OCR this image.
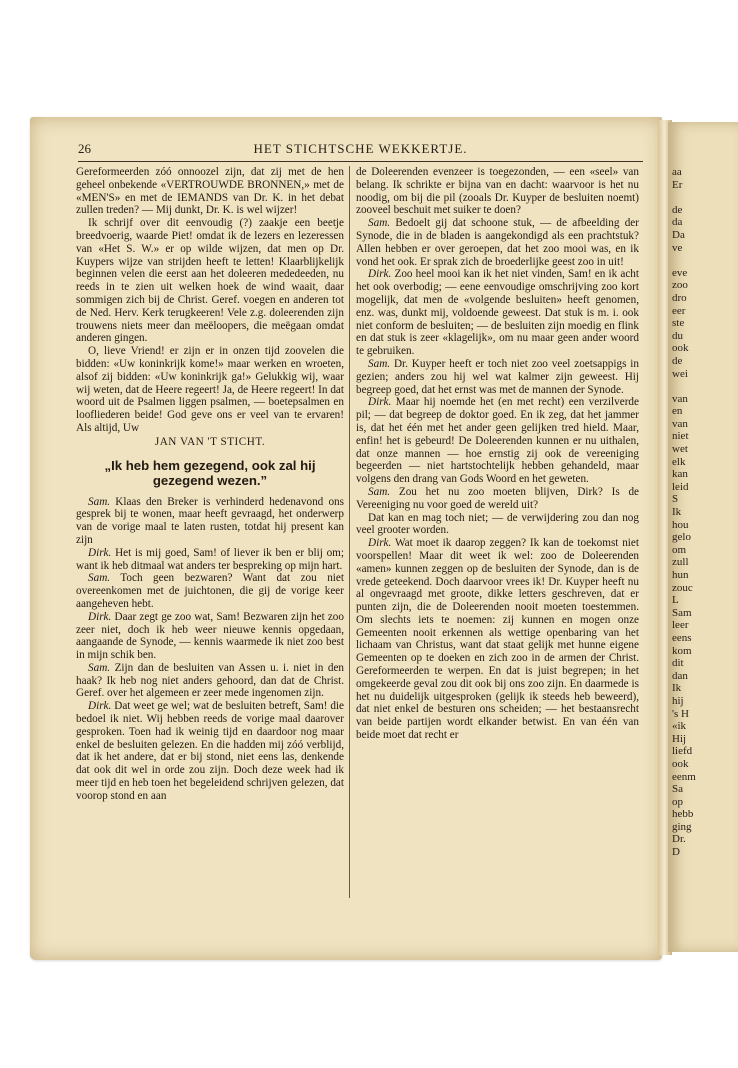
aa
Er

de
da
Da
ve

eve
zoo
dro
eer
ste
du
ook
de
wei

van
en
van
niet
wet
elk
kan
leid
S
Ik
hou
gelo
om
zull
hun
zouc
L
Sam
leer
eens
kom
dit
dan
Ik
hij
's H
«ik
Hij
liefd
ook
eenm
Sa
op
hebb
ging
Dr.
D
26	HET STICHTSCHE WEKKERTJE.

Gereformeerden zóó onnoozel zijn, dat zij met de hen geheel onbekende «VERTROUWDE BRONNEN,» met de «MEN'S» en met de IEMANDS van Dr. K. in het debat zullen treden? — Mij dunkt, Dr. K. is wel wijzer!

Ik schrijf over dit eenvoudig (?) zaakje een beetje breedvoerig, waarde Piet! omdat ik de lezers en lezeressen van «Het S. W.» er op wilde wijzen, dat men op Dr. Kuypers wijze van strijden heeft te letten! Klaarblijkelijk beginnen velen die eerst aan het doleeren mededeeden, nu reeds in te zien uit welken hoek de wind waait, daar sommigen zich bij de Christ. Geref. voegen en anderen tot de Ned. Herv. Kerk terugkeeren! Vele z.g. doleerenden zijn trouwens niets meer dan meëloopers, die meëgaan omdat anderen gingen.

O, lieve Vriend! er zijn er in onzen tijd zoovelen die bidden: «Uw koninkrijk kome!» maar werken en wroeten, alsof zij bidden: «Uw koninkrijk ga!» Gelukkig wij, waar wij weten, dat de Heere regeert! Ja, de Heere regeert! In dat woord uit de Psalmen liggen psalmen, — boetepsalmen en loofliederen beide! God geve ons er veel van te ervaren! Als altijd, Uw

JAN VAN 'T STICHT.
„Ik heb hem gezegend, ook zal hij gezegend wezen.”

Sam. Klaas den Breker is verhinderd hedenavond ons gesprek bij te wonen, maar heeft gevraagd, het onderwerp van de vorige maal te laten rusten, totdat hij present kan zijn

Dirk. Het is mij goed, Sam! of liever ik ben er blij om; want ik heb ditmaal wat anders ter bespreking op mijn hart.

Sam. Toch geen bezwaren? Want dat zou niet overeenkomen met de juichtonen, die gij de vorige keer aangeheven hebt.

Dirk. Daar zegt ge zoo wat, Sam! Bezwaren zijn het zoo zeer niet, doch ik heb weer nieuwe kennis opgedaan, aangaande de Synode, — kennis waarmede ik niet zoo best in mijn schik ben.

Sam. Zijn dan de besluiten van Assen u. i. niet in den haak? Ik heb nog niet anders gehoord, dan dat de Christ. Geref. over het algemeen er zeer mede ingenomen zijn.

Dirk. Dat weet ge wel; wat de besluiten betreft, Sam! die bedoel ik niet. Wij hebben reeds de vorige maal daarover gesproken. Toen had ik weinig tijd en daardoor nog maar enkel de besluiten gelezen. En die hadden mij zóó verblijd, dat ik het andere, dat er bij stond, niet eens las, denkende dat ook dit wel in orde zou zijn. Doch deze week had ik meer tijd en heb toen het begeleidend schrijven gelezen, dat voorop stond en aan

de Doleerenden evenzeer is toegezonden, — een «seel» van belang. Ik schrikte er bijna van en dacht: waarvoor is het nu noodig, om bij die pil (zooals Dr. Kuyper de besluiten noemt) zooveel beschuit met suiker te doen?

Sam. Bedoelt gij dat schoone stuk, — de afbeelding der Synode, die in de bladen is aangekondigd als een prachtstuk? Allen hebben er over geroepen, dat het zoo mooi was, en ik vond het ook. Er sprak zich de broederlijke geest zoo in uit!

Dirk. Zoo heel mooi kan ik het niet vinden, Sam! en ik acht het ook overbodig; — eene eenvoudige omschrijving zoo kort mogelijk, dat men de «volgende besluiten» heeft genomen, enz. was, dunkt mij, voldoende geweest. Dat stuk is m. i. ook niet conform de besluiten; — de besluiten zijn moedig en flink en dat stuk is zeer «klagelijk», om nu maar geen ander woord te gebruiken.

Sam. Dr. Kuyper heeft er toch niet zoo veel zoetsappigs in gezien; anders zou hij wel wat kalmer zijn geweest. Hij begreep goed, dat het ernst was met de mannen der Synode.

Dirk. Maar hij noemde het (en met recht) een verzilverde pil; — dat begreep de doktor goed. En ik zeg, dat het jammer is, dat het één met het ander geen gelijken tred hield. Maar, enfin! het is gebeurd! De Doleerenden kunnen er nu uithalen, dat onze mannen — hoe ernstig zij ook de vereeniging begeerden — niet hartstochtelijk hebben gehandeld, maar volgens den drang van Gods Woord en het geweten.

Sam. Zou het nu zoo moeten blijven, Dirk? Is de Vereeniging nu voor goed de wereld uit?

Dat kan en mag toch niet; — de verwijdering zou dan nog veel grooter worden.

Dirk. Wat moet ik daarop zeggen? Ik kan de toekomst niet voorspellen! Maar dit weet ik wel: zoo de Doleerenden «amen» kunnen zeggen op de besluiten der Synode, dan is de vrede geteekend. Doch daarvoor vrees ik! Dr. Kuyper heeft nu al ongevraagd met groote, dikke letters geschreven, dat er punten zijn, die de Doleerenden nooit moeten toestemmen. Om slechts iets te noemen: zij kunnen en mogen onze Gemeenten nooit erkennen als wettige openbaring van het lichaam van Christus, want dat staat gelijk met hunne eigene Gemeenten op te doeken en zich zoo in de armen der Christ. Gereformeerden te werpen. En dat is juist begrepen; in het omgekeerde geval zou dit ook bij ons zoo zijn. En daarmede is het nu duidelijk uitgesproken (gelijk ik steeds heb beweerd), dat niet enkel de besturen ons scheiden; — het bestaansrecht van beide partijen wordt elkander betwist. En van één van beide moet dat recht er
